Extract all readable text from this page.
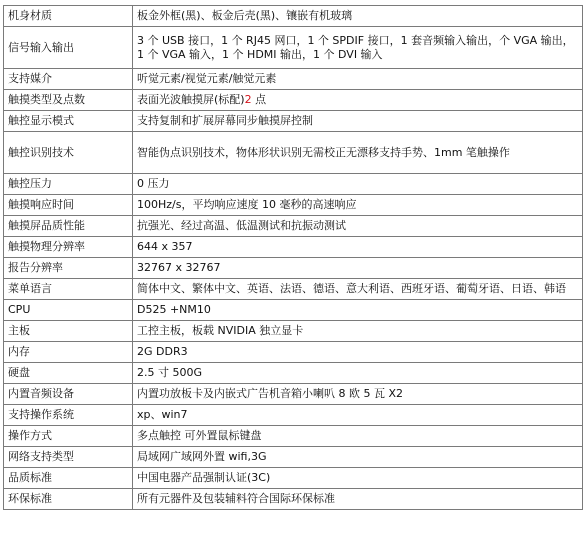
机身材质	板金外框(黑)、板金后壳(黑)、镶嵌有机玻璃
信号输入输出	3 个 USB 接口，1 个 RJ45 网口，1 个 SPDIF 接口，1 套音频输入输出，个 VGA 输出，1 个 VGA 输入，1 个 HDMI 输出，1 个 DVI 输入
支持媒介	听觉元素/视觉元素/触觉元素
触摸类型及点数	表面光波触摸屏(标配)2 点
触控显示模式	支持复制和扩展屏幕同步触摸屏控制
触控识别技术	智能伪点识别技术，物体形状识别无需校正无漂移支持手势、1mm 笔触操作
触控压力	0 压力
触摸响应时间	100Hz/s，平均响应速度 10 毫秒的高速响应
触摸屏品质性能	抗强光、经过高温、低温测试和抗振动测试
触摸物理分辨率	644 x 357
报告分辨率	32767 x 32767
菜单语言	简体中文、繁体中文、英语、法语、德语、意大利语、西班牙语、葡萄牙语、日语、韩语
CPU	D525 +NM10
主板	工控主板，板载 NVIDIA 独立显卡
内存	2G DDR3
硬盘	2.5 寸 500G
内置音频设备	内置功放板卡及内嵌式广告机音箱小喇叭 8 欧 5 瓦 X2
支持操作系统	xp、win7
操作方式	多点触控 可外置鼠标键盘
网络支持类型	局域网广域网外置 wifi,3G
品质标准	中国电器产品强制认证(3C)
环保标准	所有元器件及包装辅料符合国际环保标准
